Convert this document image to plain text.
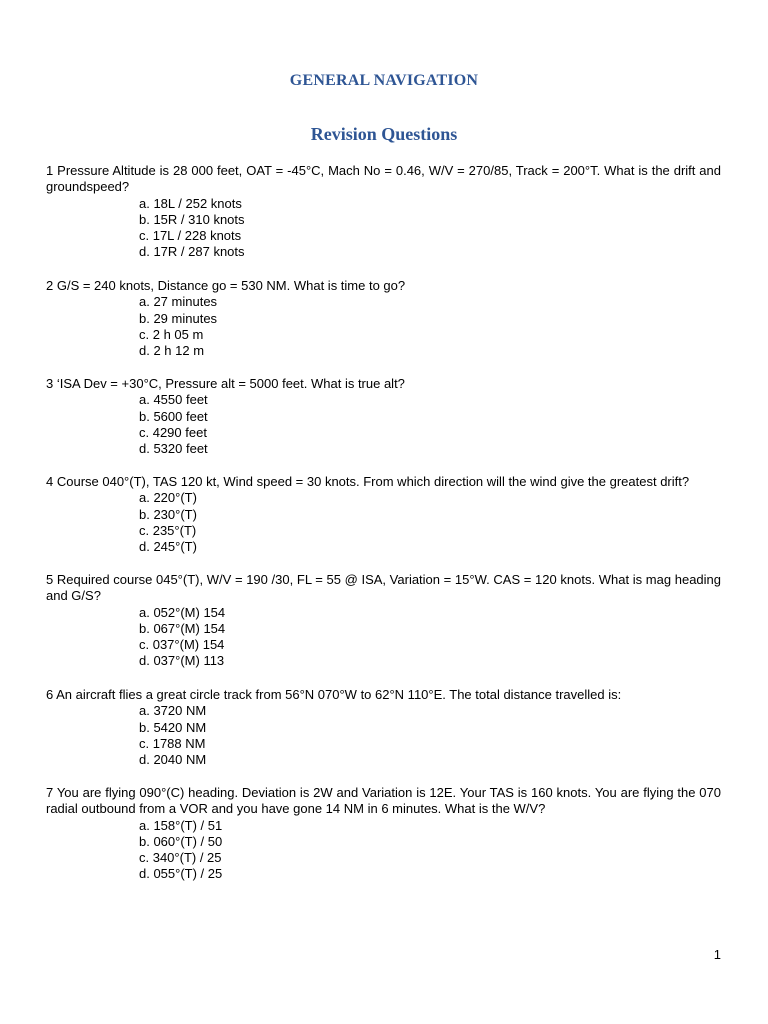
GENERAL NAVIGATION
Revision Questions

1 Pressure Altitude is 28 000 feet, OAT = -45°C, Mach No = 0.46, W/V = 270/85, Track = 200°T. What is the drift and groundspeed?

a. 18L / 252 knots
b. 15R / 310 knots
c. 17L / 228 knots
d. 17R / 287 knots

2 G/S = 240 knots, Distance go = 530 NM. What is time to go?

a. 27 minutes
b. 29 minutes
c. 2 h 05 m
d. 2 h 12 m

3 ‘ISA Dev = +30°C, Pressure alt = 5000 feet. What is true alt?

a. 4550 feet
b. 5600 feet
c. 4290 feet
d. 5320 feet

4 Course 040°(T), TAS 120 kt, Wind speed = 30 knots. From which direction will the wind give the greatest drift?

a. 220°(T)
b. 230°(T)
c. 235°(T)
d. 245°(T)

5 Required course 045°(T), W/V = 190 /30, FL = 55 @ ISA, Variation = 15°W. CAS = 120 knots. What is mag heading and G/S?

a. 052°(M) 154
b. 067°(M) 154
c. 037°(M) 154
d. 037°(M) 113

6 An aircraft flies a great circle track from 56°N 070°W to 62°N 110°E. The total distance travelled is:

a. 3720 NM
b. 5420 NM
c. 1788 NM
d. 2040 NM

7 You are flying 090°(C) heading. Deviation is 2W and Variation is 12E. Your TAS is 160 knots. You are flying the 070 radial outbound from a VOR and you have gone 14 NM in 6 minutes. What is the W/V?

a. 158°(T) / 51
b. 060°(T) / 50
c. 340°(T) / 25
d. 055°(T) / 25
1
